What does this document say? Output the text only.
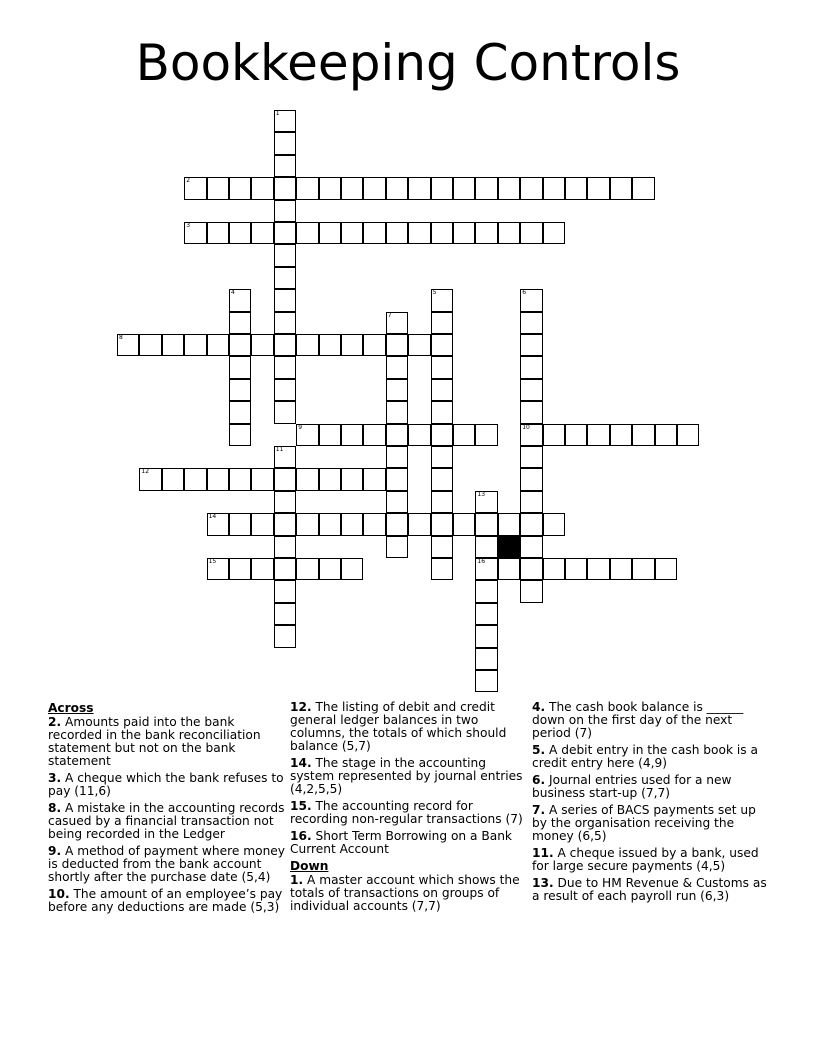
Bookkeeping Controls
1
2
3
4	5	6
10
7
8
9
11
12
13
16
14
15
Across
2. Amounts paid into the bank recorded in the bank reconciliation statement but not on the bank statement
3. A cheque which the bank refuses to pay (11,6)
8. A mistake in the accounting records casued by a financial transaction not being recorded in the Ledger
9. A method of payment where money is deducted from the bank account shortly after the purchase date (5,4)
10. The amount of an employee’s pay before any deductions are made (5,3)
12. The listing of debit and credit general ledger balances in two columns, the totals of which should balance (5,7)
14. The stage in the accounting system represented by journal entries (4,2,5,5)
15. The accounting record for recording non-regular transactions (7)
16. Short Term Borrowing on a Bank Current Account
Down
1. A master account which shows the totals of transactions on groups of individual accounts (7,7)
4. The cash book balance is ______ down on the first day of the next period (7)
5. A debit entry in the cash book is a credit entry here (4,9)
6. Journal entries used for a new business start-up (7,7)
7. A series of BACS payments set up by the organisation receiving the money (6,5)
11. A cheque issued by a bank, used for large secure payments (4,5)
13. Due to HM Revenue & Customs as a result of each payroll run (6,3)
